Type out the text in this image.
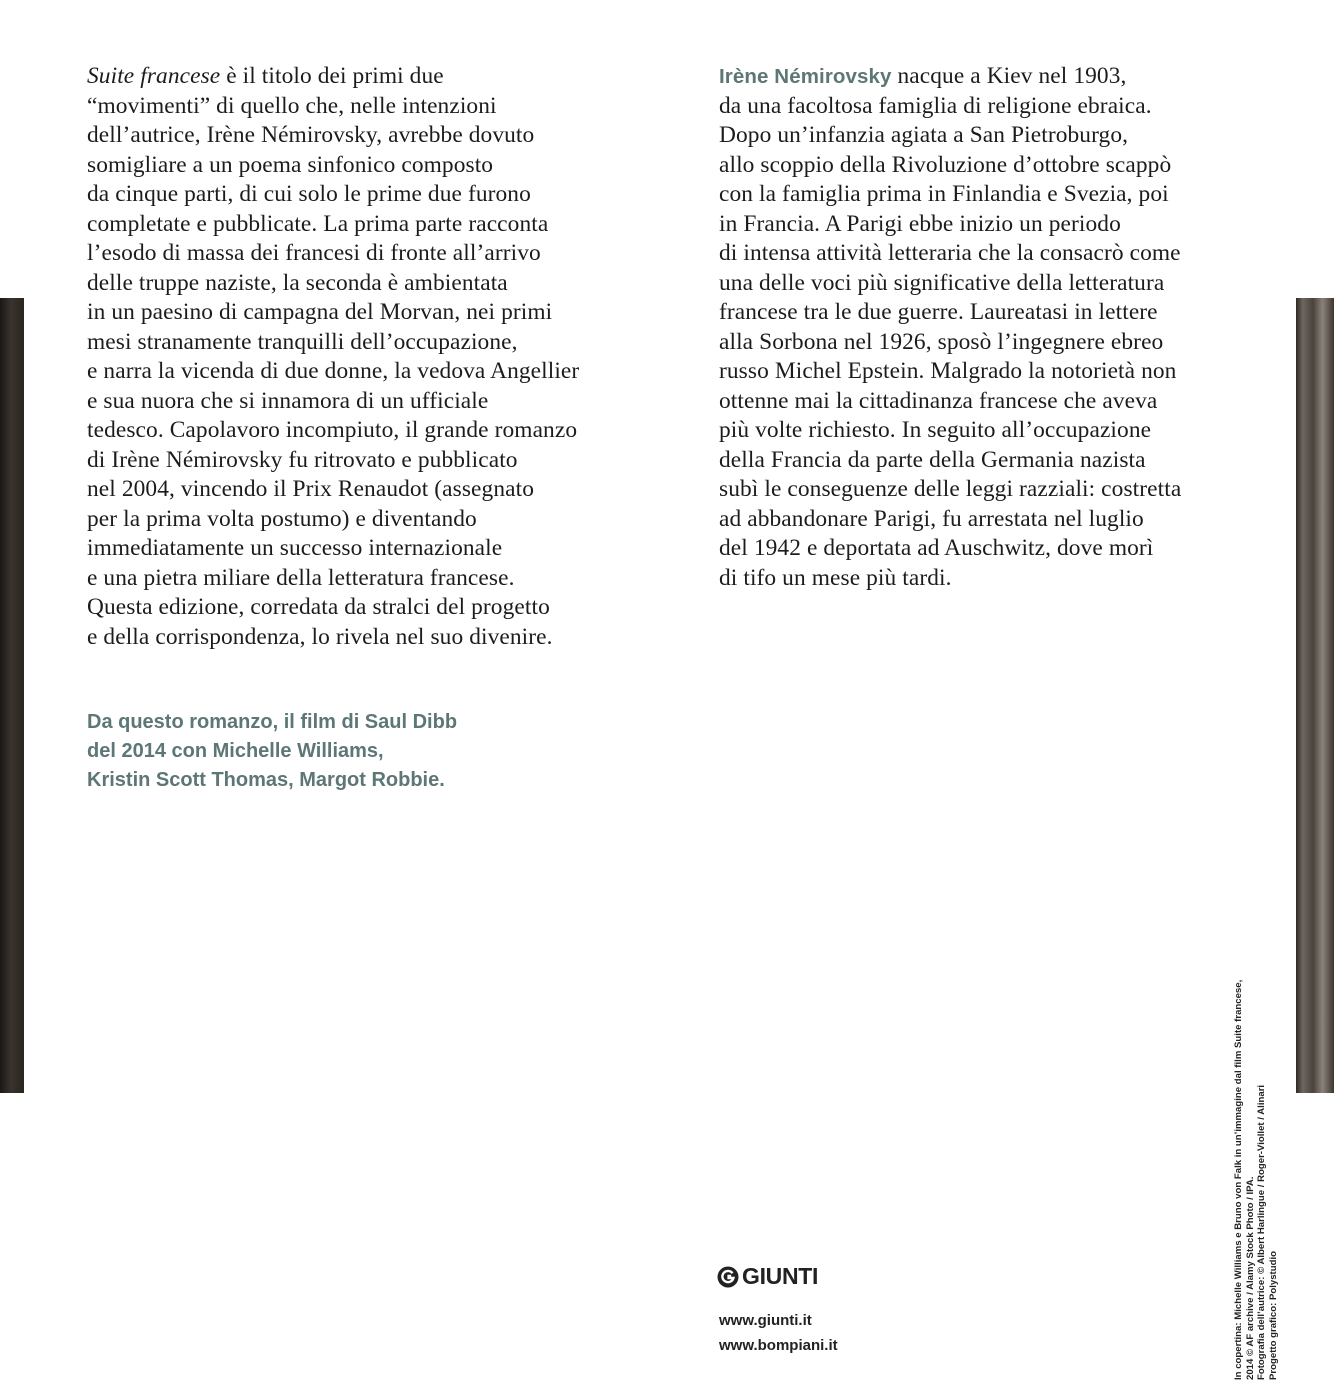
Suite francese è il titolo dei primi due
“movimenti” di quello che, nelle intenzioni
dell’autrice, Irène Némirovsky, avrebbe dovuto
somigliare a un poema sinfonico composto
da cinque parti, di cui solo le prime due furono
completate e pubblicate. La prima parte racconta
l’esodo di massa dei francesi di fronte all’arrivo
delle truppe naziste, la seconda è ambientata
in un paesino di campagna del Morvan, nei primi
mesi stranamente tranquilli dell’occupazione,
e narra la vicenda di due donne, la vedova Angellier
e sua nuora che si innamora di un ufficiale
tedesco. Capolavoro incompiuto, il grande romanzo
di Irène Némirovsky fu ritrovato e pubblicato
nel 2004, vincendo il Prix Renaudot (assegnato
per la prima volta postumo) e diventando
immediatamente un successo internazionale
e una pietra miliare della letteratura francese.
Questa edizione, corredata da stralci del progetto
e della corrispondenza, lo rivela nel suo divenire.
Da questo romanzo, il film di Saul Dibb
del 2014 con Michelle Williams,
Kristin Scott Thomas, Margot Robbie.
Irène Némirovsky nacque a Kiev nel 1903,
da una facoltosa famiglia di religione ebraica.
Dopo un’infanzia agiata a San Pietroburgo,
allo scoppio della Rivoluzione d’ottobre scappò
con la famiglia prima in Finlandia e Svezia, poi
in Francia. A Parigi ebbe inizio un periodo
di intensa attività letteraria che la consacrò come
una delle voci più significative della letteratura
francese tra le due guerre. Laureatasi in lettere
alla Sorbona nel 1926, sposò l’ingegnere ebreo
russo Michel Epstein. Malgrado la notorietà non
ottenne mai la cittadinanza francese che aveva
più volte richiesto. In seguito all’occupazione
della Francia da parte della Germania nazista
subì le conseguenze delle leggi razziali: costretta
ad abbandonare Parigi, fu arrestata nel luglio
del 1942 e deportata ad Auschwitz, dove morì
di tifo un mese più tardi.
GIUNTI
www.giunti.it
www.bompiani.it	In copertina: Michelle Williams e Bruno von Falk in un’immagine dal film Suite francese, 2014 © AF archive / Alamy Stock Photo / IPA. Fotografia dell’autrice: © Albert Harlingue / Roger-Viollet / Alinari Progetto grafico: Polystudio
